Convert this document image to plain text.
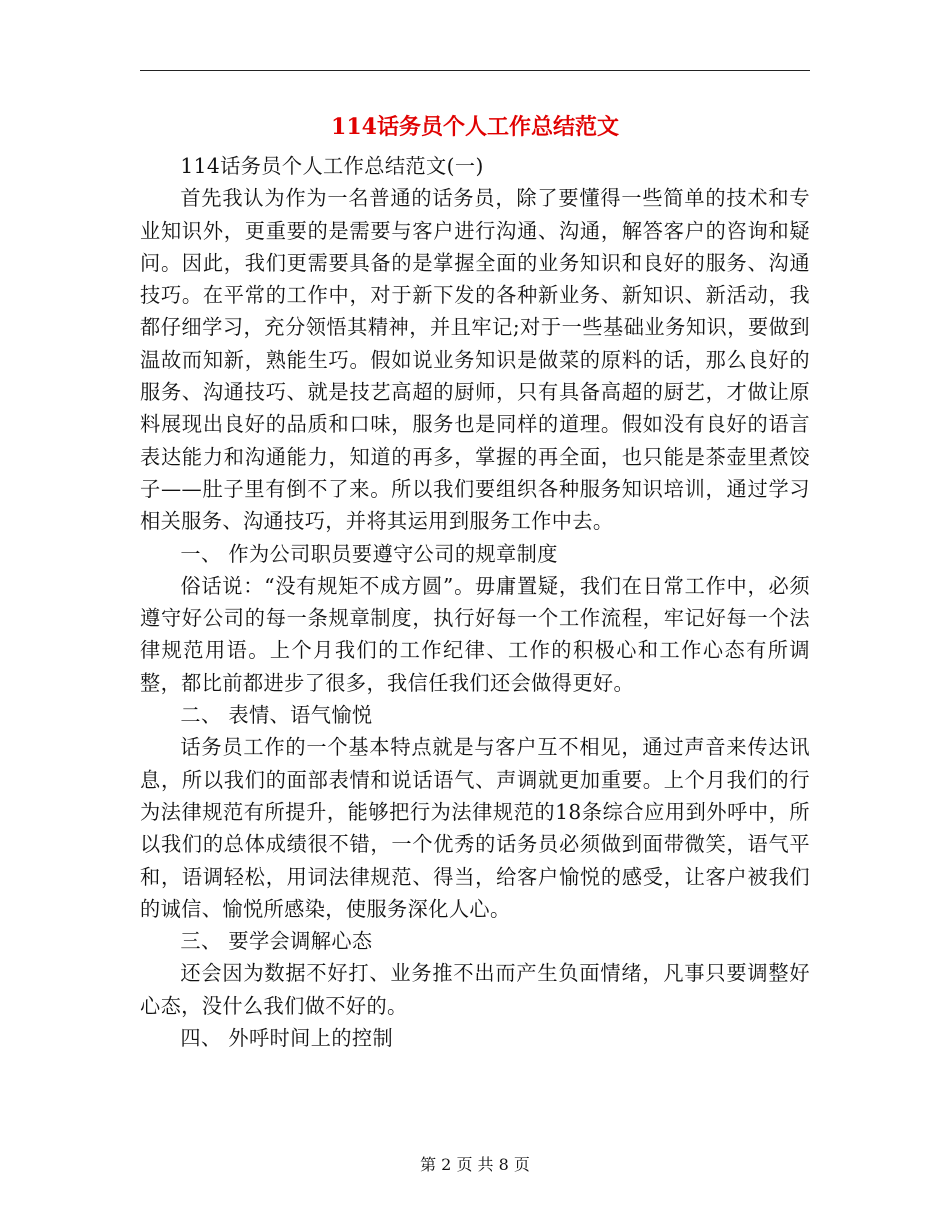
114话务员个人工作总结范文

114话务员个人工作总结范文(一)

首先我认为作为一名普通的话务员，除了要懂得一些简单的技术和专业知识外，更重要的是需要与客户进行沟通、沟通，解答客户的咨询和疑问。因此，我们更需要具备的是掌握全面的业务知识和良好的服务、沟通技巧。在平常的工作中，对于新下发的各种新业务、新知识、新活动，我都仔细学习，充分领悟其精神，并且牢记;对于一些基础业务知识，要做到温故而知新，熟能生巧。假如说业务知识是做菜的原料的话，那么良好的服务、沟通技巧、就是技艺高超的厨师，只有具备高超的厨艺，才做让原料展现出良好的品质和口味，服务也是同样的道理。假如没有良好的语言表达能力和沟通能力，知道的再多，掌握的再全面，也只能是茶壶里煮饺子——肚子里有倒不了来。所以我们要组织各种服务知识培训，通过学习相关服务、沟通技巧，并将其运用到服务工作中去。

一、 作为公司职员要遵守公司的规章制度

俗话说：“没有规矩不成方圆”。毋庸置疑，我们在日常工作中，必须遵守好公司的每一条规章制度，执行好每一个工作流程，牢记好每一个法律规范用语。上个月我们的工作纪律、工作的积极心和工作心态有所调整，都比前都进步了很多，我信任我们还会做得更好。

二、 表情、语气愉悦

话务员工作的一个基本特点就是与客户互不相见，通过声音来传达讯息，所以我们的面部表情和说话语气、声调就更加重要。上个月我们的行为法律规范有所提升，能够把行为法律规范的18条综合应用到外呼中，所以我们的总体成绩很不错，一个优秀的话务员必须做到面带微笑，语气平和，语调轻松，用词法律规范、得当，给客户愉悦的感受，让客户被我们的诚信、愉悦所感染，使服务深化人心。

三、 要学会调解心态

还会因为数据不好打、业务推不出而产生负面情绪，凡事只要调整好心态，没什么我们做不好的。

四、 外呼时间上的控制

第 2 页 共 8 页
